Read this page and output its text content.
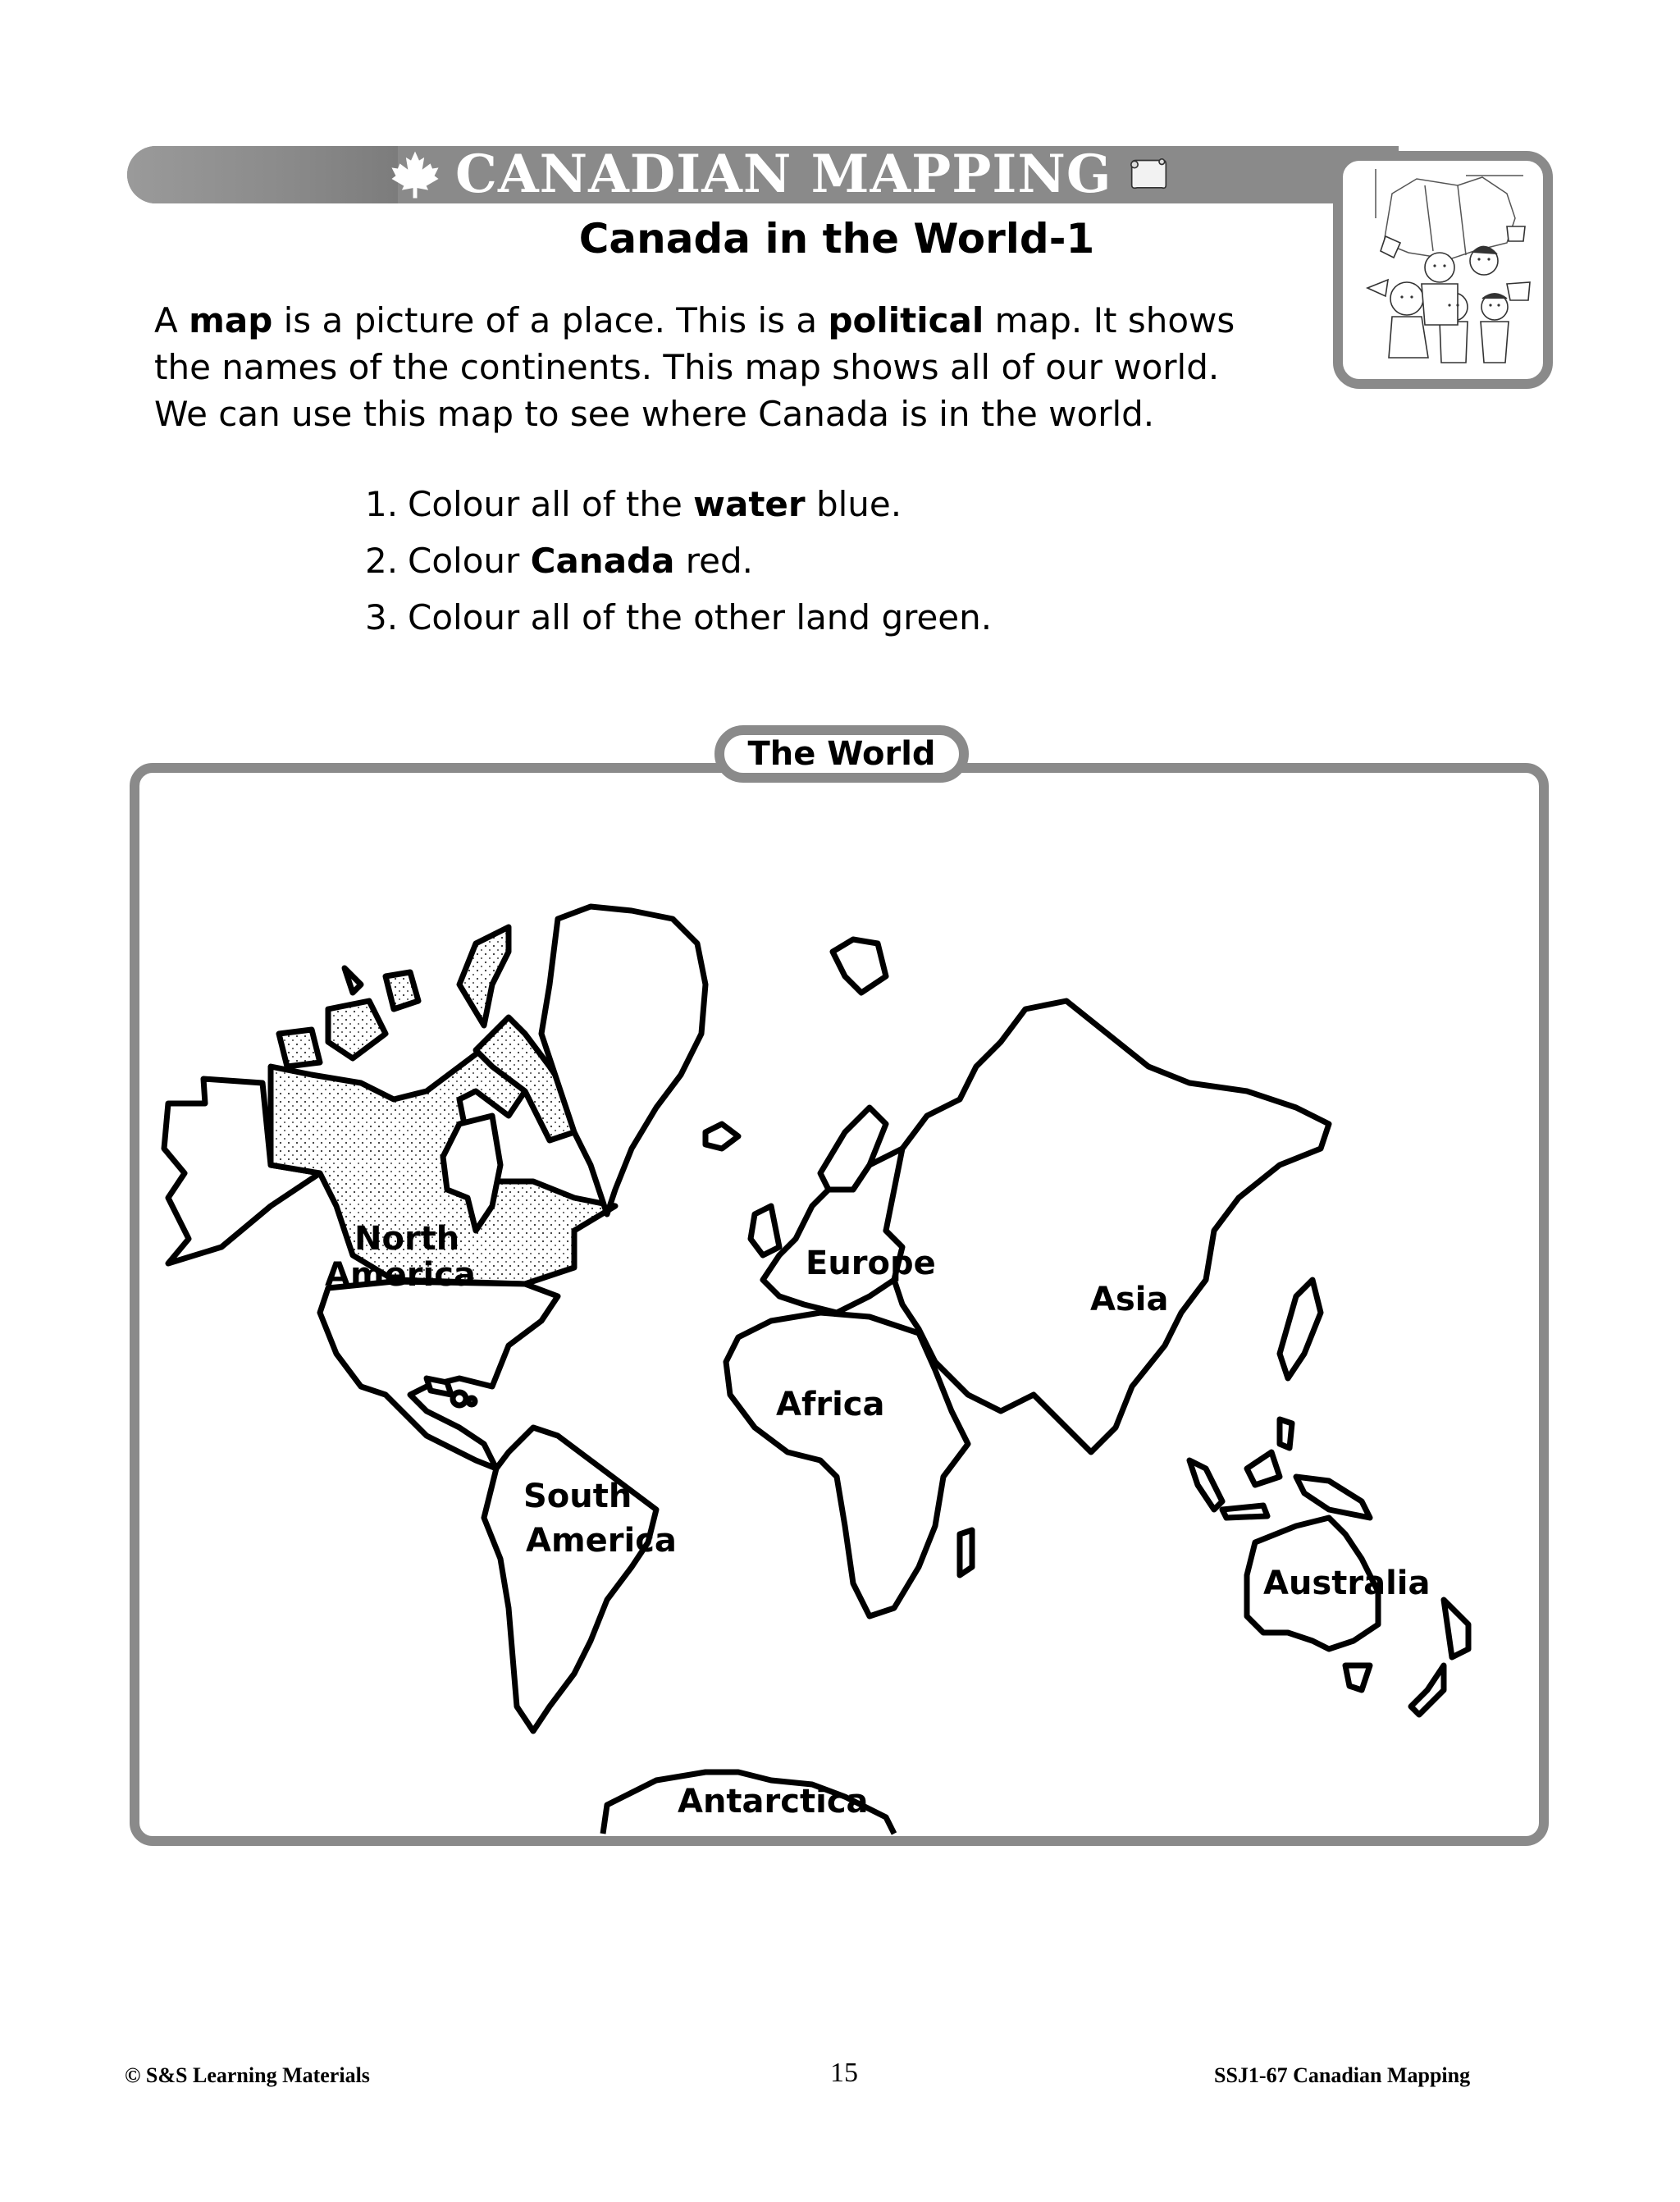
CANADIAN MAPPING
Canada in the World-1
A map is a picture of a place. This is a political map. It shows
the names of the continents. This map shows all of our world.
We can use this map to see where Canada is in the world.
1. Colour all of the water blue.
2. Colour Canada red.
3. Colour all of the other land green.
The World
North
America
South
America
Europe
Asia
Africa
Australia
Antarctica
© S&S Learning Materials	15	SSJ1-67 Canadian Mapping
